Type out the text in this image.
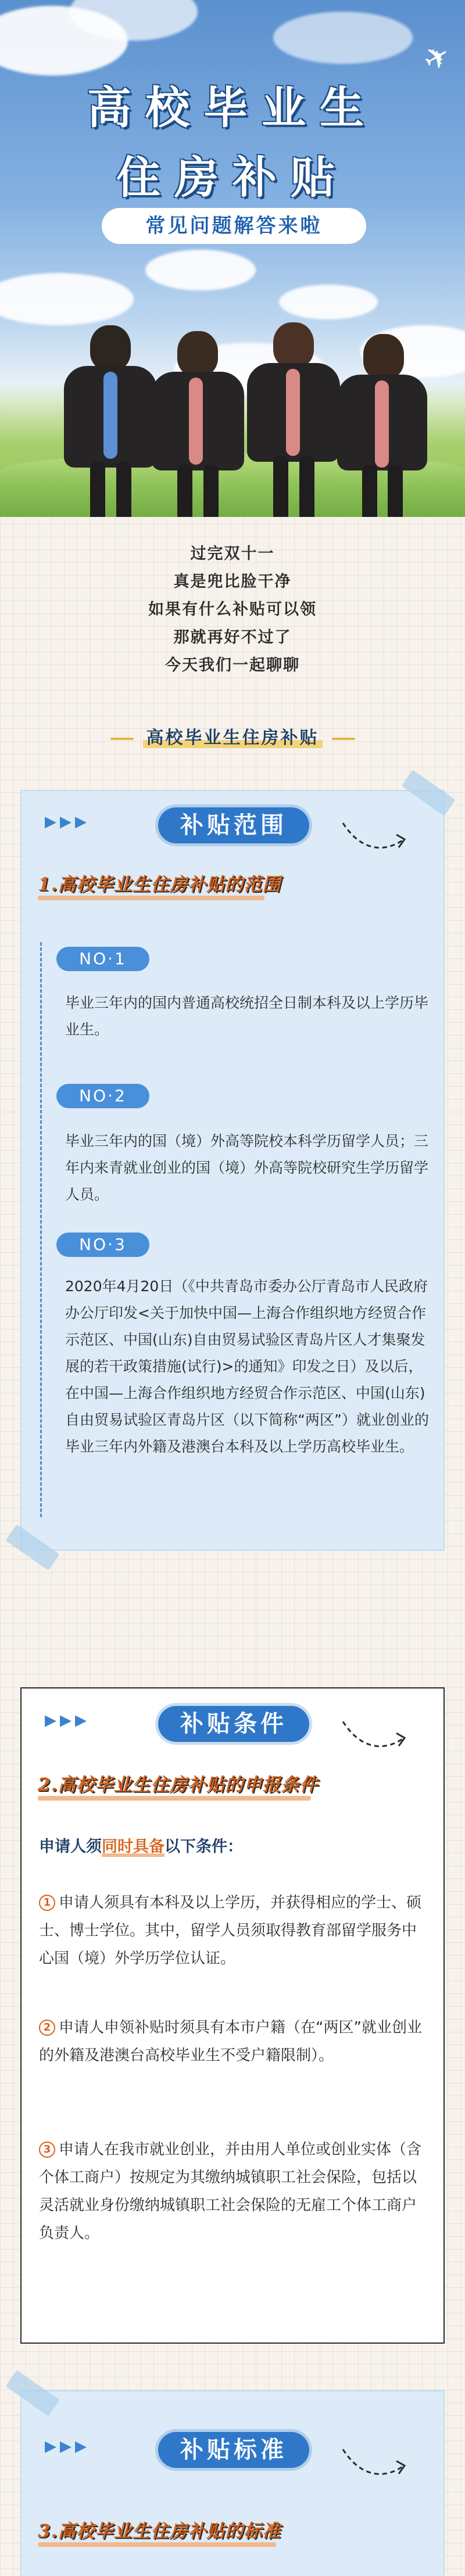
✈
高校毕业生
住房补贴
常见问题解答来啦
过完双十一
真是兜比脸干净
如果有什么补贴可以领
那就再好不过了
今天我们一起聊聊
高校毕业生住房补贴
▶▶▶	补贴范围
1.高校毕业生住房补贴的范围
NO·1
毕业三年内的国内普通高校统招全日制本科及以上学历毕业生。
NO·2
毕业三年内的国（境）外高等院校本科学历留学人员；三年内来青就业创业的国（境）外高等院校研究生学历留学人员。
NO·3
2020年4月20日（《中共青岛市委办公厅青岛市人民政府办公厅印发<关于加快中国—上海合作组织地方经贸合作示范区、中国(山东)自由贸易试验区青岛片区人才集聚发展的若干政策措施(试行)>的通知》印发之日）及以后，在中国—上海合作组织地方经贸合作示范区、中国(山东)自由贸易试验区青岛片区（以下简称“两区”）就业创业的毕业三年内外籍及港澳台本科及以上学历高校毕业生。
▶▶▶	补贴条件
2.高校毕业生住房补贴的申报条件
申请人须同时具备以下条件：
1 申请人须具有本科及以上学历，并获得相应的学士、硕士、博士学位。其中，留学人员须取得教育部留学服务中心国（境）外学历学位认证。
2 申请人申领补贴时须具有本市户籍（在“两区”就业创业的外籍及港澳台高校毕业生不受户籍限制）。
3 申请人在我市就业创业，并由用人单位或创业实体（含个体工商户）按规定为其缴纳城镇职工社会保险，包括以灵活就业身份缴纳城镇职工社会保险的无雇工个体工商户负责人。
▶▶▶	补贴标准
3.高校毕业生住房补贴的标准
